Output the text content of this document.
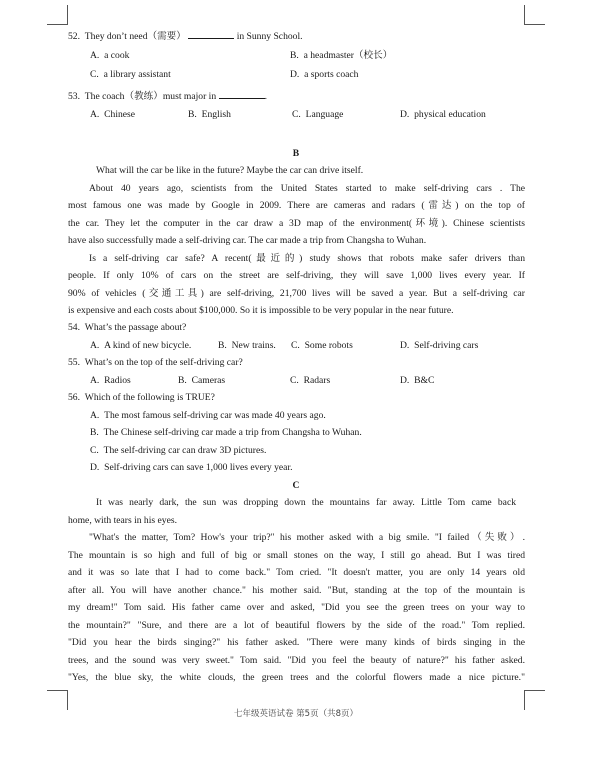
52.  They don’t need（需要）	in Sunny School.
A.  a cook	B.  a headmaster（校长）
C.  a library assistant	D.  a sports coach
53.  The coach（教练）must major in	.
A.  Chinese	B.  English	C.  Language	D.  physical education
B
What will the car be like in the future? Maybe the car can drive itself.
About 40 years ago, scientists from the United States started to make self-driving cars . The
most famous one was made by Google in 2009. There are cameras and radars (雷达) on the top of
the car. They let the computer in the car draw a 3D map of the environment(环境). Chinese scientists
have also successfully made a self-driving car. The car made a trip from Changsha to Wuhan.
Is a self-driving car safe? A recent(最近的) study shows that robots make safer drivers than
people. If only 10% of cars on the street are self-driving, they will save 1,000 lives every year. If
90% of vehicles (交通工具) are self-driving, 21,700 lives will be saved a year. But a self-driving car
is expensive and each costs about $100,000. So it is impossible to be very popular in the near future.
54.  What’s the passage about?
A.  A kind of new bicycle.	B.  New trains. C.  Some robots	D.  Self-driving cars
55.  What’s on the top of the self-driving car?
A.  Radios	B.  Cameras	C.  Radars	D.  B&C
56.  Which of the following is TRUE?
A.  The most famous self-driving car was made 40 years ago.
B.  The Chinese self-driving car made a trip from Changsha to Wuhan.
C.  The self-driving car can draw 3D pictures.
D.  Self-driving cars can save 1,000 lives every year.
C
It was nearly dark, the sun was dropping down the mountains far away. Little Tom came back
home, with tears in his eyes.
"What's the matter, Tom? How's your trip?" his mother asked with a big smile. "I failed（失败）.
The mountain is so high and full of big or small stones on the way, I still go ahead. But I was tired
and it was so late that I had to come back." Tom cried. "It doesn't matter, you are only 14 years old
after all. You will have another chance." his mother said. "But, standing at the top of the mountain is
my dream!" Tom said. His father came over and asked, "Did you see the green trees on your way to
the mountain?" "Sure, and there are a lot of beautiful flowers by the side of the road." Tom replied.
"Did you hear the birds singing?" his father asked. "There were many kinds of birds singing in the
trees, and the sound was very sweet." Tom said. "Did you feel the beauty of nature?" his father asked.
"Yes, the blue sky, the white clouds, the green trees and the colorful flowers made a nice picture."
七年级英语试卷 第5页（共8页）
